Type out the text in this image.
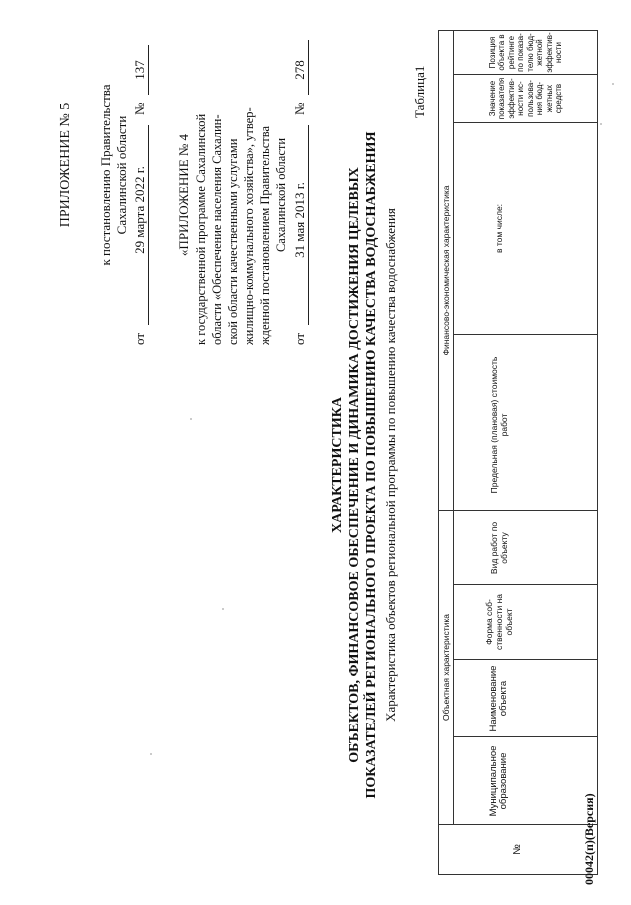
ПРИЛОЖЕНИЕ № 5 к постановлению Правительства Сахалинской области
от
29 марта 2022 г.
№
137
«ПРИЛОЖЕНИЕ № 4 к государственной программе Сахалинской области «Обеспечение населения Сахалин- ской области качественными услугами жилищно-коммунального хозяйства», утвер- жденной постановлением Правительства Сахалинской области
от
31 мая 2013 г.
№
278
ХАРАКТЕРИСТИКА ОБЪЕКТОВ, ФИНАНСОВОЕ ОБЕСПЕЧЕНИЕ И ДИНАМИКА ДОСТИЖЕНИЯ ЦЕЛЕВЫХ ПОКАЗАТЕЛЕЙ РЕГИОНАЛЬНОГО ПРОЕКТА ПО ПОВЫШЕНИЮ КАЧЕСТВА ВОДОСНАБЖЕНИЯ Характеристика объектов региональной программы по повышению качества водоснабжения
Таблица1
Объектная характеристика
Финансово-экономическая характеристика
№
Муниципальное образование
Наименование объекта
Форма соб-ственности на объект
Вид работ по объекту
Предельная (плановая) стоимость работ
в том числе:
Значение показателя эффектив-ности ис-пользова-ния бюд-жетных средств
Позиция объекта в рейтинге по показа-телю бюд-жетной эффектив-ности
00042(п)(Версия)
